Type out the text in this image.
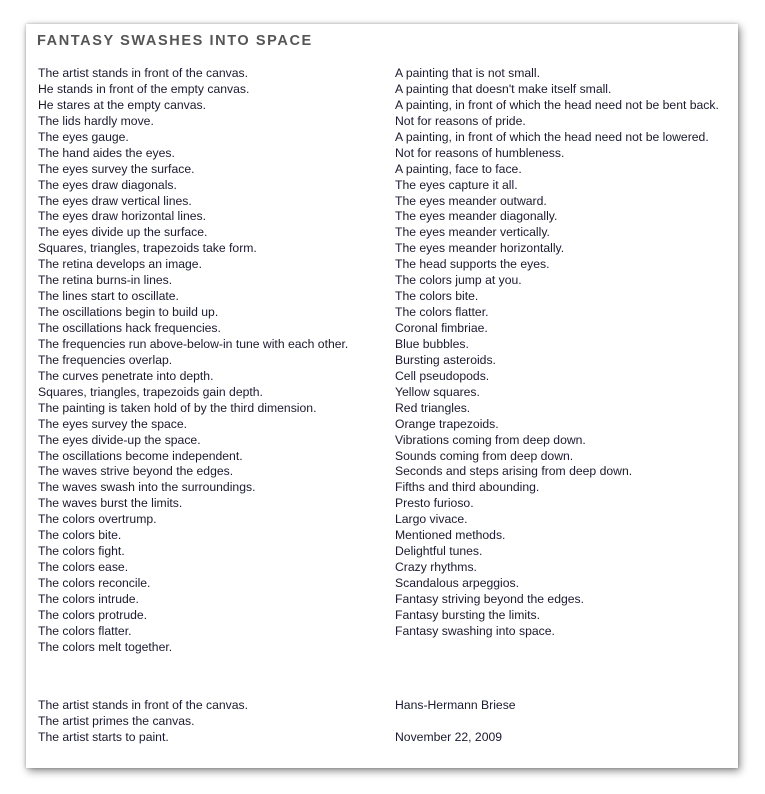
FANTASY SWASHES INTO SPACE
The artist stands in front of the canvas.
He stands in front of the empty canvas.
He stares at the empty canvas.
The lids hardly move.
The eyes gauge.
The hand aides the eyes.
The eyes survey the surface.
The eyes draw diagonals.
The eyes draw vertical lines.
The eyes draw horizontal lines.
The eyes divide up the surface.
Squares, triangles, trapezoids take form.
The retina develops an image.
The retina burns-in lines.
The lines start to oscillate.
The oscillations begin to build up.
The oscillations hack frequencies.
The frequencies run above-below-in tune with each other.
The frequencies overlap.
The curves penetrate into depth.
Squares, triangles, trapezoids gain depth.
The painting is taken hold of by the third dimension.
The eyes survey the space.
The eyes divide-up the space.
The oscillations become independent.
The waves strive beyond the edges.
The waves swash into the surroundings.
The waves burst the limits.
The colors overtrump.
The colors bite.
The colors fight.
The colors ease.
The colors reconcile.
The colors intrude.
The colors protrude.
The colors flatter.
The colors melt together.
A painting that is not small.
A painting that doesn't make itself small.
A painting, in front of which the head need not be bent back.
Not for reasons of pride.
A painting, in front of which the head need not be lowered.
Not for reasons of humbleness.
A painting, face to face.
The eyes capture it all.
The eyes meander outward.
The eyes meander diagonally.
The eyes meander vertically.
The eyes meander horizontally.
The head supports the eyes.
The colors jump at you.
The colors bite.
The colors flatter.
Coronal fimbriae.
Blue bubbles.
Bursting asteroids.
Cell pseudopods.
Yellow squares.
Red triangles.
Orange trapezoids.
Vibrations coming from deep down.
Sounds coming from deep down.
Seconds and steps arising from deep down.
Fifths and third abounding.
Presto furioso.
Largo vivace.
Mentioned methods.
Delightful tunes.
Crazy rhythms.
Scandalous arpeggios.
Fantasy striving beyond the edges.
Fantasy bursting the limits.
Fantasy swashing into space.
The artist stands in front of the canvas.
The artist primes the canvas.
The artist starts to paint.
Hans-Hermann Briese
November 22, 2009
